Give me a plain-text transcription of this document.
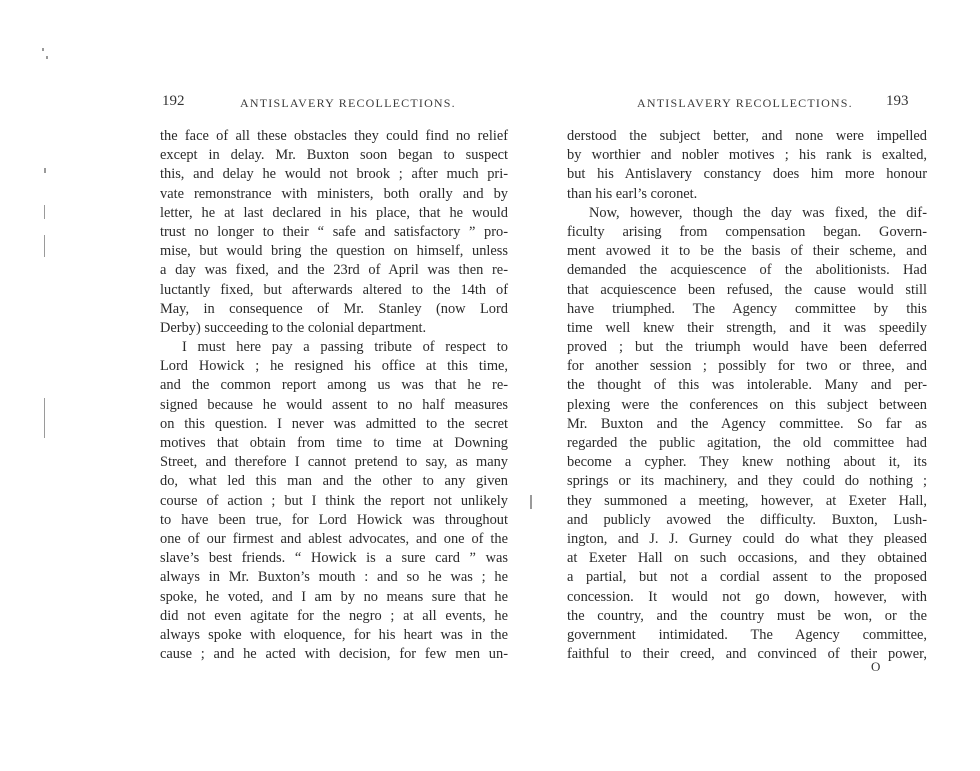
192	ANTISLAVERY RECOLLECTIONS.
the face of all these obstacles they could find no relief
except in delay. Mr. Buxton soon began to suspect
this, and delay he would not brook ; after much pri-
vate remonstrance with ministers, both orally and by
letter, he at last declared in his place, that he would
trust no longer to their “ safe and satisfactory ” pro-
mise, but would bring the question on himself, unless
a day was fixed, and the 23rd of April was then re-
luctantly fixed, but afterwards altered to the 14th of
May, in consequence of Mr. Stanley (now Lord
Derby) succeeding to the colonial department.
I must here pay a passing tribute of respect to
Lord Howick ; he resigned his office at this time,
and the common report among us was that he re-
signed because he would assent to no half measures
on this question. I never was admitted to the secret
motives that obtain from time to time at Downing
Street, and therefore I cannot pretend to say, as many
do, what led this man and the other to any given
course of action ; but I think the report not unlikely
to have been true, for Lord Howick was throughout
one of our firmest and ablest advocates, and one of the
slave’s best friends. “ Howick is a sure card ” was
always in Mr. Buxton’s mouth : and so he was ; he
spoke, he voted, and I am by no means sure that he
did not even agitate for the negro ; at all events, he
always spoke with eloquence, for his heart was in the
cause ; and he acted with decision, for few men un-
ANTISLAVERY RECOLLECTIONS. 193
derstood the subject better, and none were impelled
by worthier and nobler motives ; his rank is exalted,
but his Antislavery constancy does him more honour
than his earl’s coronet.
Now, however, though the day was fixed, the dif-
ficulty arising from compensation began. Govern-
ment avowed it to be the basis of their scheme, and
demanded the acquiescence of the abolitionists. Had
that acquiescence been refused, the cause would still
have triumphed. The Agency committee by this
time well knew their strength, and it was speedily
proved ; but the triumph would have been deferred
for another session ; possibly for two or three, and
the thought of this was intolerable. Many and per-
plexing were the conferences on this subject between
Mr. Buxton and the Agency committee. So far as
regarded the public agitation, the old committee had
become a cypher. They knew nothing about it, its
springs or its machinery, and they could do nothing ;
they summoned a meeting, however, at Exeter Hall,
and publicly avowed the difficulty. Buxton, Lush-
ington, and J. J. Gurney could do what they pleased
at Exeter Hall on such occasions, and they obtained
a partial, but not a cordial assent to the proposed
concession. It would not go down, however, with
the country, and the country must be won, or the
government intimidated. The Agency committee,
faithful to their creed, and convinced of their power,
O
